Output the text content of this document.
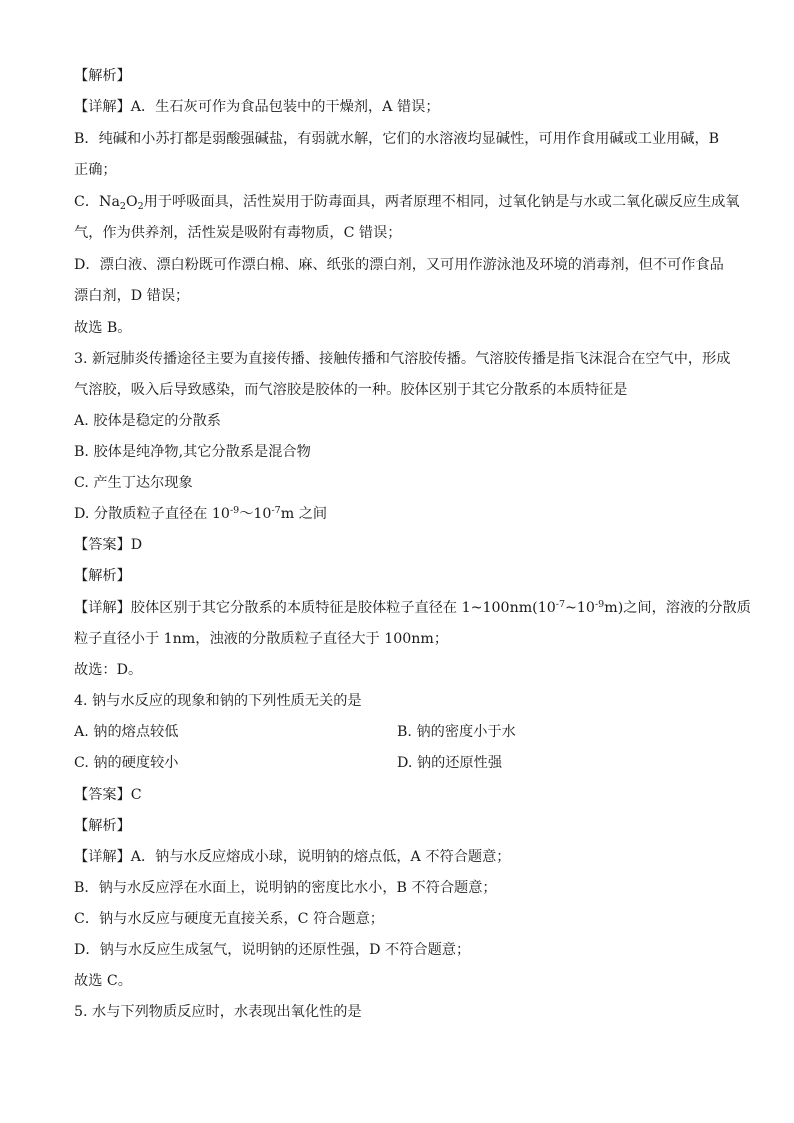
【解析】
【详解】A．生石灰可作为食品包装中的干燥剂，A 错误；
B．纯碱和小苏打都是弱酸强碱盐，有弱就水解，它们的水溶液均显碱性，可用作食用碱或工业用碱，B
正确；
C．$Na_2O_2$用于呼吸面具，活性炭用于防毒面具，两者原理不相同，过氧化钠是与水或二氧化碳反应生成氧
气，作为供养剂，活性炭是吸附有毒物质，C 错误；
D．漂白液、漂白粉既可作漂白棉、麻、纸张的漂白剂，又可用作游泳池及环境的消毒剂，但不可作食品
漂白剂，D 错误；
故选 B。
3. 新冠肺炎传播途径主要为直接传播、接触传播和气溶胶传播。气溶胶传播是指飞沫混合在空气中，形成
气溶胶，吸入后导致感染，而气溶胶是胶体的一种。胶体区别于其它分散系的本质特征是
A. 胶体是稳定的分散系
B. 胶体是纯净物,其它分散系是混合物
C. 产生丁达尔现象
D. 分散质粒子直径在 $10^{-9}\sim 10^{-7}m$ 之间
【答案】D
【解析】
【详解】胶体区别于其它分散系的本质特征是胶体粒子直径在 $1\sim 100nm(10^{-7}\sim 10^{-9}m)$之间，溶液的分散质
粒子直径小于 1nm，浊液的分散质粒子直径大于 100nm；
故选：D。
4. 钠与水反应的现象和钠的下列性质无关的是
A. 钠的熔点较低	B. 钠的密度小于水
C. 钠的硬度较小	D. 钠的还原性强
【答案】C
【解析】
【详解】A．钠与水反应熔成小球，说明钠的熔点低，A 不符合题意；
B．钠与水反应浮在水面上，说明钠的密度比水小，B 不符合题意；
C．钠与水反应与硬度无直接关系，C 符合题意；
D．钠与水反应生成氢气，说明钠的还原性强，D 不符合题意；
故选 C。
5. 水与下列物质反应时，水表现出氧化性的是
